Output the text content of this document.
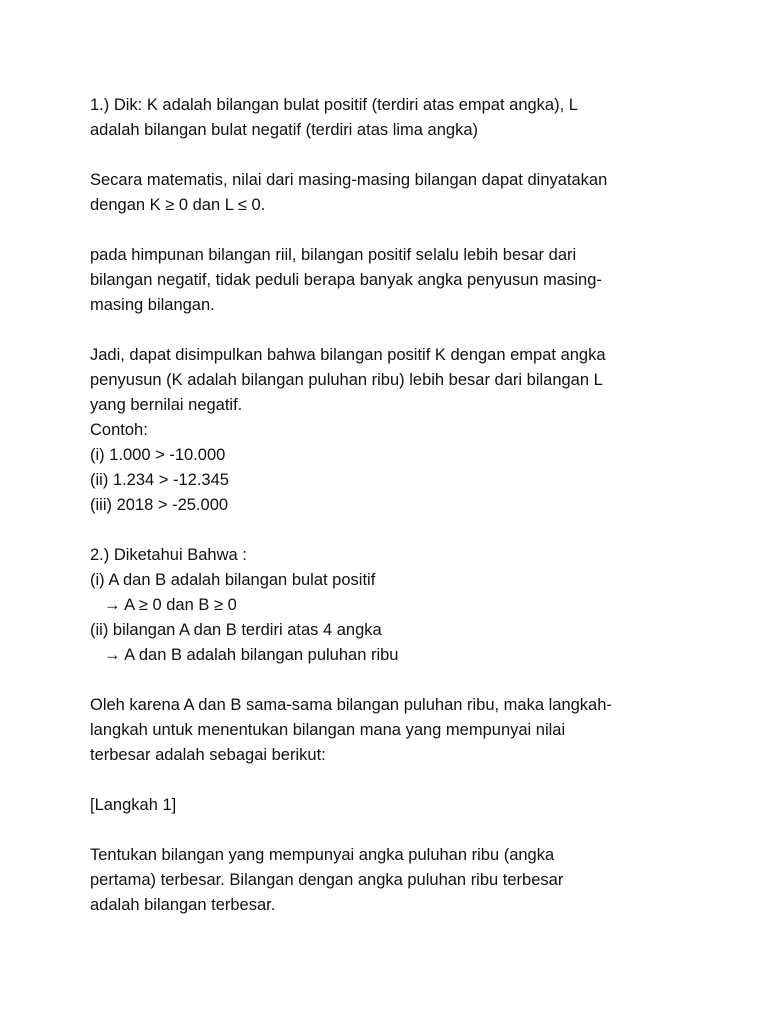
1.) Dik: K adalah bilangan bulat positif (terdiri atas empat angka), L
adalah bilangan bulat negatif (terdiri atas lima angka)
Secara matematis, nilai dari masing-masing bilangan dapat dinyatakan
dengan K ≥ 0 dan L ≤ 0.
pada himpunan bilangan riil, bilangan positif selalu lebih besar dari
bilangan negatif, tidak peduli berapa banyak angka penyusun masing-
masing bilangan.
Jadi, dapat disimpulkan bahwa bilangan positif K dengan empat angka
penyusun (K adalah bilangan puluhan ribu) lebih besar dari bilangan L
yang bernilai negatif.
Contoh:
(i) 1.000 > -10.000
(ii) 1.234 > -12.345
(iii) 2018 > -25.000
2.) Diketahui Bahwa :
(i) A dan B adalah bilangan bulat positif
→ A ≥ 0 dan B ≥ 0
(ii) bilangan A dan B terdiri atas 4 angka
→ A dan B adalah bilangan puluhan ribu
Oleh karena A dan B sama-sama bilangan puluhan ribu, maka langkah-
langkah untuk menentukan bilangan mana yang mempunyai nilai
terbesar adalah sebagai berikut:
[Langkah 1]
Tentukan bilangan yang mempunyai angka puluhan ribu (angka
pertama) terbesar. Bilangan dengan angka puluhan ribu terbesar
adalah bilangan terbesar.
